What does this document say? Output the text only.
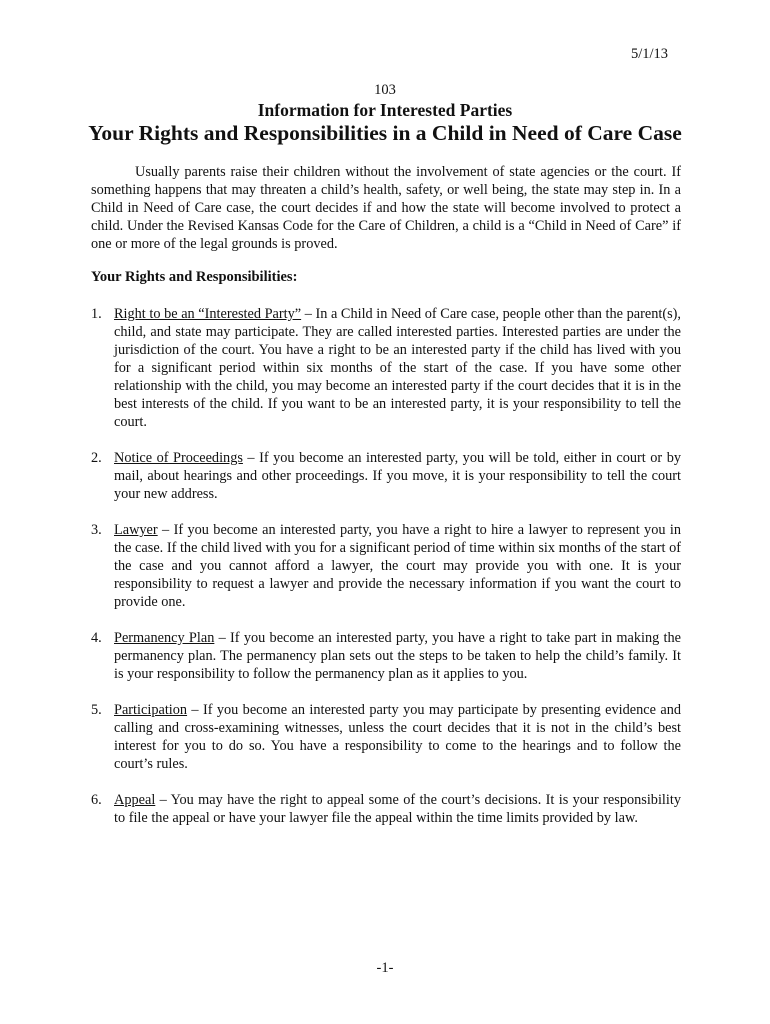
5/1/13
103
Information for Interested Parties
Your Rights and Responsibilities in a Child in Need of Care Case

Usually parents raise their children without the involvement of state agencies or the court. If something happens that may threaten a child’s health, safety, or well being, the state may step in. In a Child in Need of Care case, the court decides if and how the state will become involved to protect a child. Under the Revised Kansas Code for the Care of Children, a child is a “Child in Need of Care” if one or more of the legal grounds is proved.

Your Rights and Responsibilities:
1. Right to be an “Interested Party” – In a Child in Need of Care case, people other than the parent(s), child, and state may participate. They are called interested parties. Interested parties are under the jurisdiction of the court. You have a right to be an interested party if the child has lived with you for a significant period within six months of the start of the case. If you have some other relationship with the child, you may become an interested party if the court decides that it is in the best interests of the child. If you want to be an interested party, it is your responsibility to tell the court.
2. Notice of Proceedings – If you become an interested party, you will be told, either in court or by mail, about hearings and other proceedings. If you move, it is your responsibility to tell the court your new address.
3. Lawyer – If you become an interested party, you have a right to hire a lawyer to represent you in the case. If the child lived with you for a significant period of time within six months of the start of the case and you cannot afford a lawyer, the court may provide you with one. It is your responsibility to request a lawyer and provide the necessary information if you want the court to provide one.
4. Permanency Plan – If you become an interested party, you have a right to take part in making the permanency plan. The permanency plan sets out the steps to be taken to help the child’s family. It is your responsibility to follow the permanency plan as it applies to you.
5. Participation – If you become an interested party you may participate by presenting evidence and calling and cross-examining witnesses, unless the court decides that it is not in the child’s best interest for you to do so. You have a responsibility to come to the hearings and to follow the court’s rules.
6. Appeal – You may have the right to appeal some of the court’s decisions. It is your responsibility to file the appeal or have your lawyer file the appeal within the time limits provided by law.
-1-
